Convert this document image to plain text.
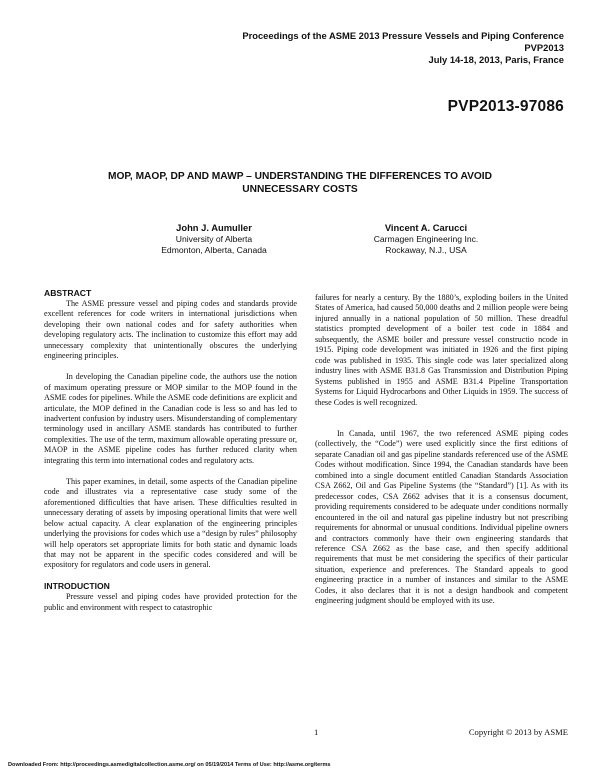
Proceedings of the ASME 2013 Pressure Vessels and Piping Conference
PVP2013
July 14-18, 2013, Paris, France
PVP2013-97086
MOP, MAOP, DP AND MAWP – UNDERSTANDING THE DIFFERENCES TO AVOID
UNNECESSARY COSTS
John J. Aumuller
University of Alberta
Edmonton, Alberta, Canada
Vincent A. Carucci
Carmagen Engineering Inc.
Rockaway, N.J., USA
ABSTRACT

The ASME pressure vessel and piping codes and standards provide excellent references for code writers in international jurisdictions when developing their own national codes and for safety authorities when developing regulatory acts. The inclination to customize this effort may add unnecessary complexity that unintentionally obscures the underlying engineering principles.

In developing the Canadian pipeline code, the authors use the notion of maximum operating pressure or MOP similar to the MOP found in the ASME codes for pipelines. While the ASME code definitions are explicit and articulate, the MOP defined in the Canadian code is less so and has led to inadvertent confusion by industry users. Misunderstanding of complementary terminology used in ancillary ASME standards has contributed to further complexities. The use of the term, maximum allowable operating pressure or, MAOP in the ASME pipeline codes has further reduced clarity when integrating this term into international codes and regulatory acts.

This paper examines, in detail, some aspects of the Canadian pipeline code and illustrates via a representative case study some of the aforementioned difficulties that have arisen. These difficulties resulted in unnecessary derating of assets by imposing operational limits that were well below actual capacity. A clear explanation of the engineering principles underlying the provisions for codes which use a “design by rules” philosophy will help operators set appropriate limits for both static and dynamic loads that may not be apparent in the specific codes considered and will be expository for regulators and code users in general.

INTRODUCTION

Pressure vessel and piping codes have provided protection for the public and environment with respect to catastrophic

failures for nearly a century. By the 1880’s, exploding boilers in the United States of America, had caused 50,000 deaths and 2 million people were being injured annually in a national population of 50 million. These dreadful statistics prompted development of a boiler test code in 1884 and subsequently, the ASME boiler and pressure vessel constructio ncode in 1915. Piping code development was initiated in 1926 and the first piping code was published in 1935. This single code was later specialized along industry lines with ASME B31.8 Gas Transmission and Distribution Piping Systems published in 1955 and ASME B31.4 Pipeline Transportation Systems for Liquid Hydrocarbons and Other Liquids in 1959. The success of these Codes is well recognized.

In Canada, until 1967, the two referenced ASME piping codes (collectively, the “Code”) were used explicitly since the first editions of separate Canadian oil and gas pipeline standards referenced use of the ASME Codes without modification. Since 1994, the Canadian standards have been combined into a single document entitled Canadian Standards Association CSA Z662, Oil and Gas Pipeline Systems (the “Standard”) [1]. As with its predecessor codes, CSA Z662 advises that it is a consensus document, providing requirements considered to be adequate under conditions normally encountered in the oil and natural gas pipeline industry but not prescribing requirements for abnormal or unusual conditions. Individual pipeline owners and contractors commonly have their own engineering standards that reference CSA Z662 as the base case, and then specify additional requirements that must be met considering the specifics of their particular situation, experience and preferences. The Standard appeals to good engineering practice in a number of instances and similar to the ASME Codes, it also declares that it is not a design handbook and competent engineering judgment should be employed with its use.

1	Copyright © 2013 by ASME
Downloaded From: http://proceedings.asmedigitalcollection.asme.org/ on 05/19/2014 Terms of Use: http://asme.org/terms
